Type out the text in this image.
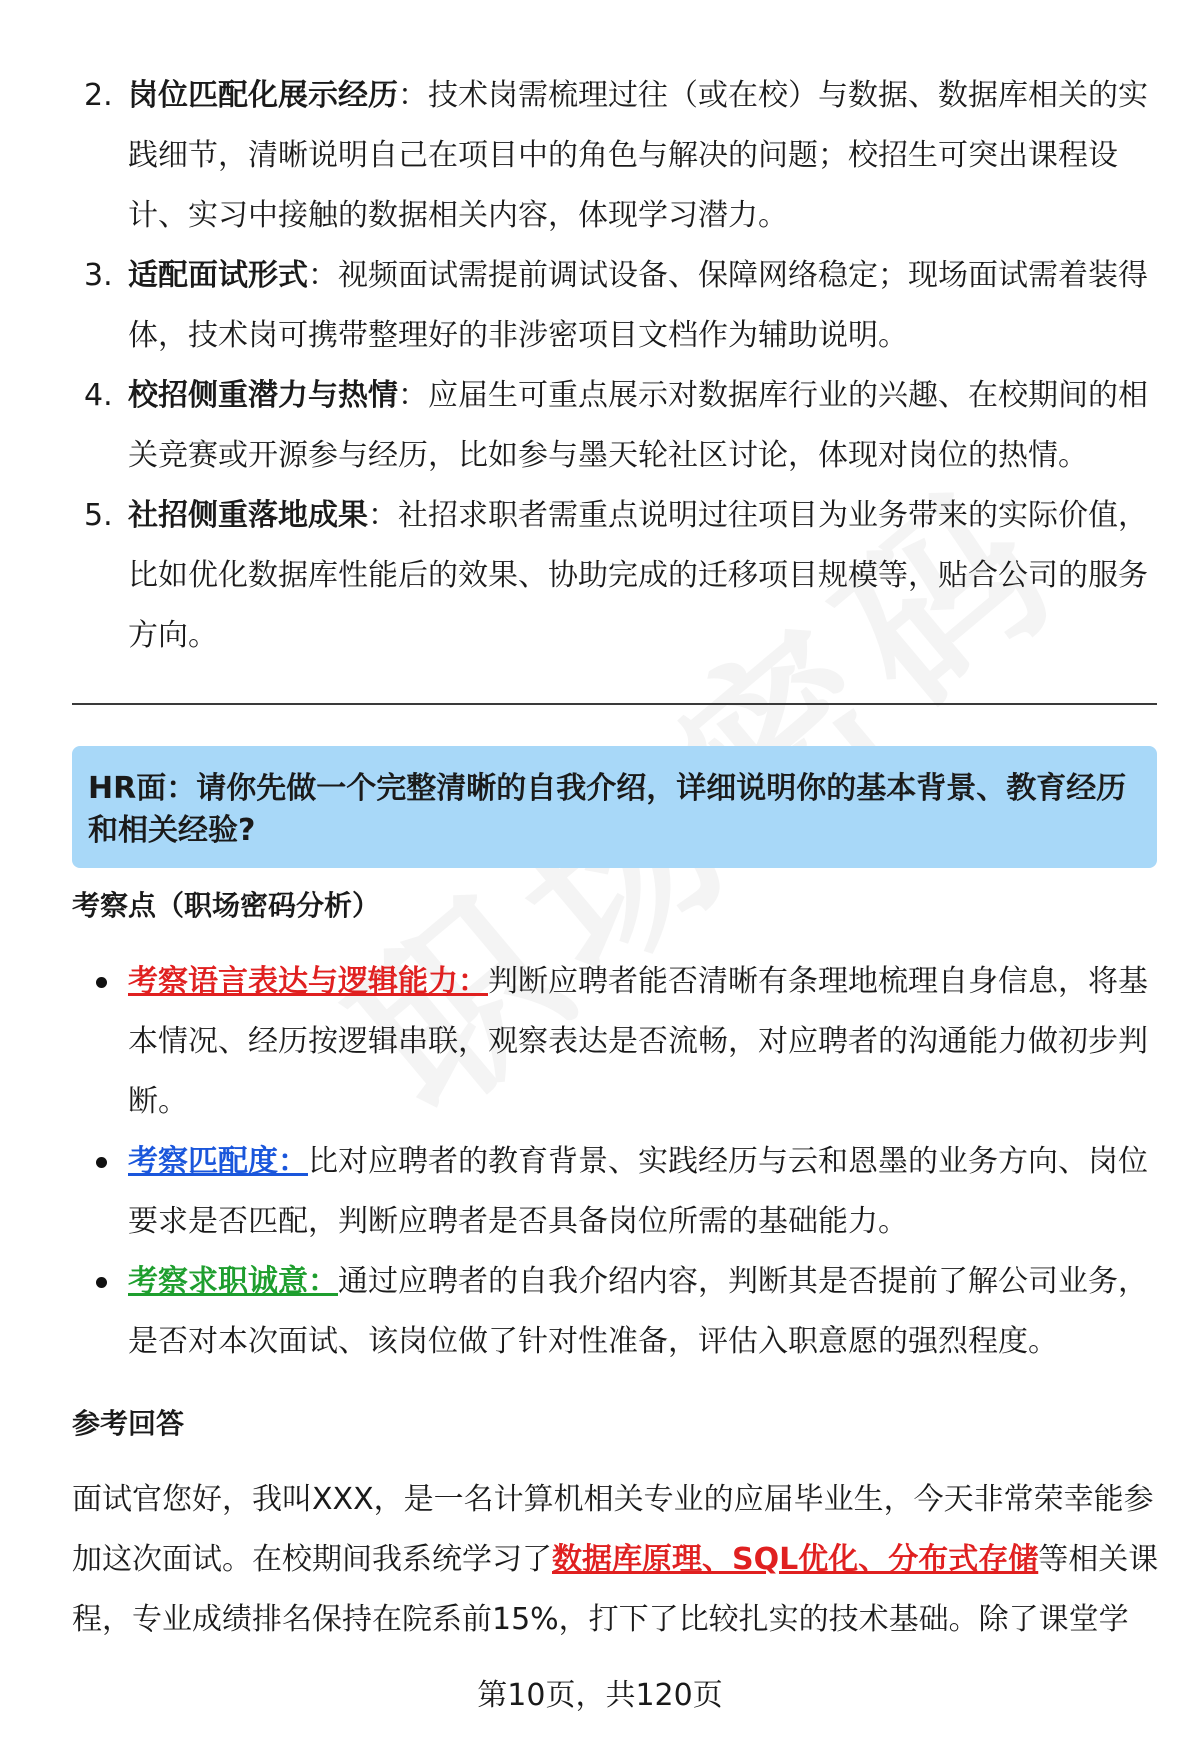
2. 岗位匹配化展示经历：技术岗需梳理过往（或在校）与数据、数据库相关的实践细节，清晰说明自己在项目中的角色与解决的问题；校招生可突出课程设计、实习中接触的数据相关内容，体现学习潜力。

3. 适配面试形式：视频面试需提前调试设备、保障网络稳定；现场面试需着装得体，技术岗可携带整理好的非涉密项目文档作为辅助说明。

4. 校招侧重潜力与热情：应届生可重点展示对数据库行业的兴趣、在校期间的相关竞赛或开源参与经历，比如参与墨天轮社区讨论，体现对岗位的热情。

5. 社招侧重落地成果：社招求职者需重点说明过往项目为业务带来的实际价值，比如优化数据库性能后的效果、协助完成的迁移项目规模等，贴合公司的服务方向。

HR面：请你先做一个完整清晰的自我介绍，详细说明你的基本背景、教育经历和相关经验?
考察点（职场密码分析）

考察语言表达与逻辑能力：判断应聘者能否清晰有条理地梳理自身信息，将基本情况、经历按逻辑串联，观察表达是否流畅，对应聘者的沟通能力做初步判断。

考察匹配度：比对应聘者的教育背景、实践经历与云和恩墨的业务方向、岗位要求是否匹配，判断应聘者是否具备岗位所需的基础能力。

考察求职诚意：通过应聘者的自我介绍内容，判断其是否提前了解公司业务，是否对本次面试、该岗位做了针对性准备，评估入职意愿的强烈程度。

参考回答

面试官您好，我叫XXX，是一名计算机相关专业的应届毕业生，今天非常荣幸能参加这次面试。在校期间我系统学习了数据库原理、SQL优化、分布式存储等相关课程，专业成绩排名保持在院系前15%，打下了比较扎实的技术基础。除了课堂学

第10页，共120页
